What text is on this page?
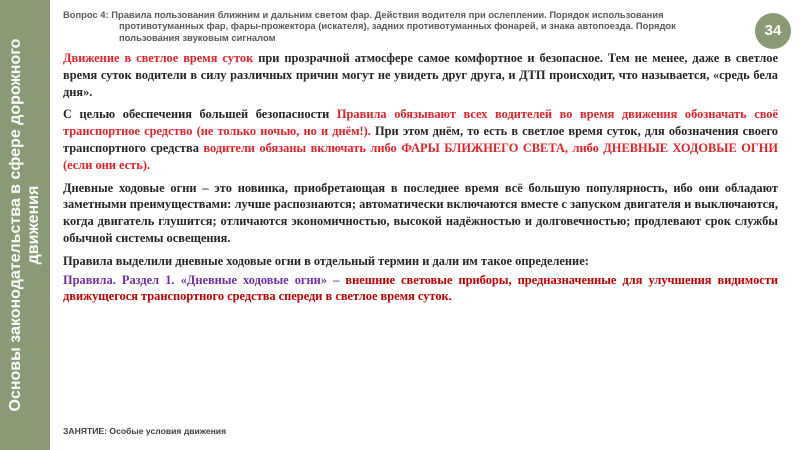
Основы законодательства в сфере дорожного движения
Вопрос 4: Правила пользования ближним и дальним светом фар. Действия водителя при ослеплении. Порядок использования
противотуманных фар, фары-прожектора (искателя), задних противотуманных фонарей, и знака автопоезда. Порядок
пользования звуковым сигналом	34

Движение в светлое время суток при прозрачной атмосфере самое комфортное и безопасное. Тем не менее, даже в светлое время суток водители в силу различных причин могут не увидеть друг друга, и ДТП происходит, что называется, «средь бела дня».

С целью обеспечения большей безопасности Правила обязывают всех водителей во время движения обозначать своё транспортное средство (не только ночью, но и днём!). При этом днём, то есть в светлое время суток, для обозначения своего транспортного средства водители обязаны включать либо ФАРЫ БЛИЖНЕГО СВЕТА, либо ДНЕВНЫЕ ХОДОВЫЕ ОГНИ (если они есть).

Дневные ходовые огни – это новинка, приобретающая в последнее время всё большую популярность, ибо они обладают заметными преимуществами: лучше распознаются; автоматически включаются вместе с запуском двигателя и выключаются, когда двигатель глушится; отличаются экономичностью, высокой надёжностью и долговечностью; продлевают срок службы обычной системы освещения.

Правила выделили дневные ходовые огни в отдельный термин и дали им такое определение:

Правила. Раздел 1. «Дневные ходовые огни» – внешние световые приборы, предназначенные для улучшения видимости движущегося транспортного средства спереди в светлое время суток.

ЗАНЯТИЕ: Особые условия движения
